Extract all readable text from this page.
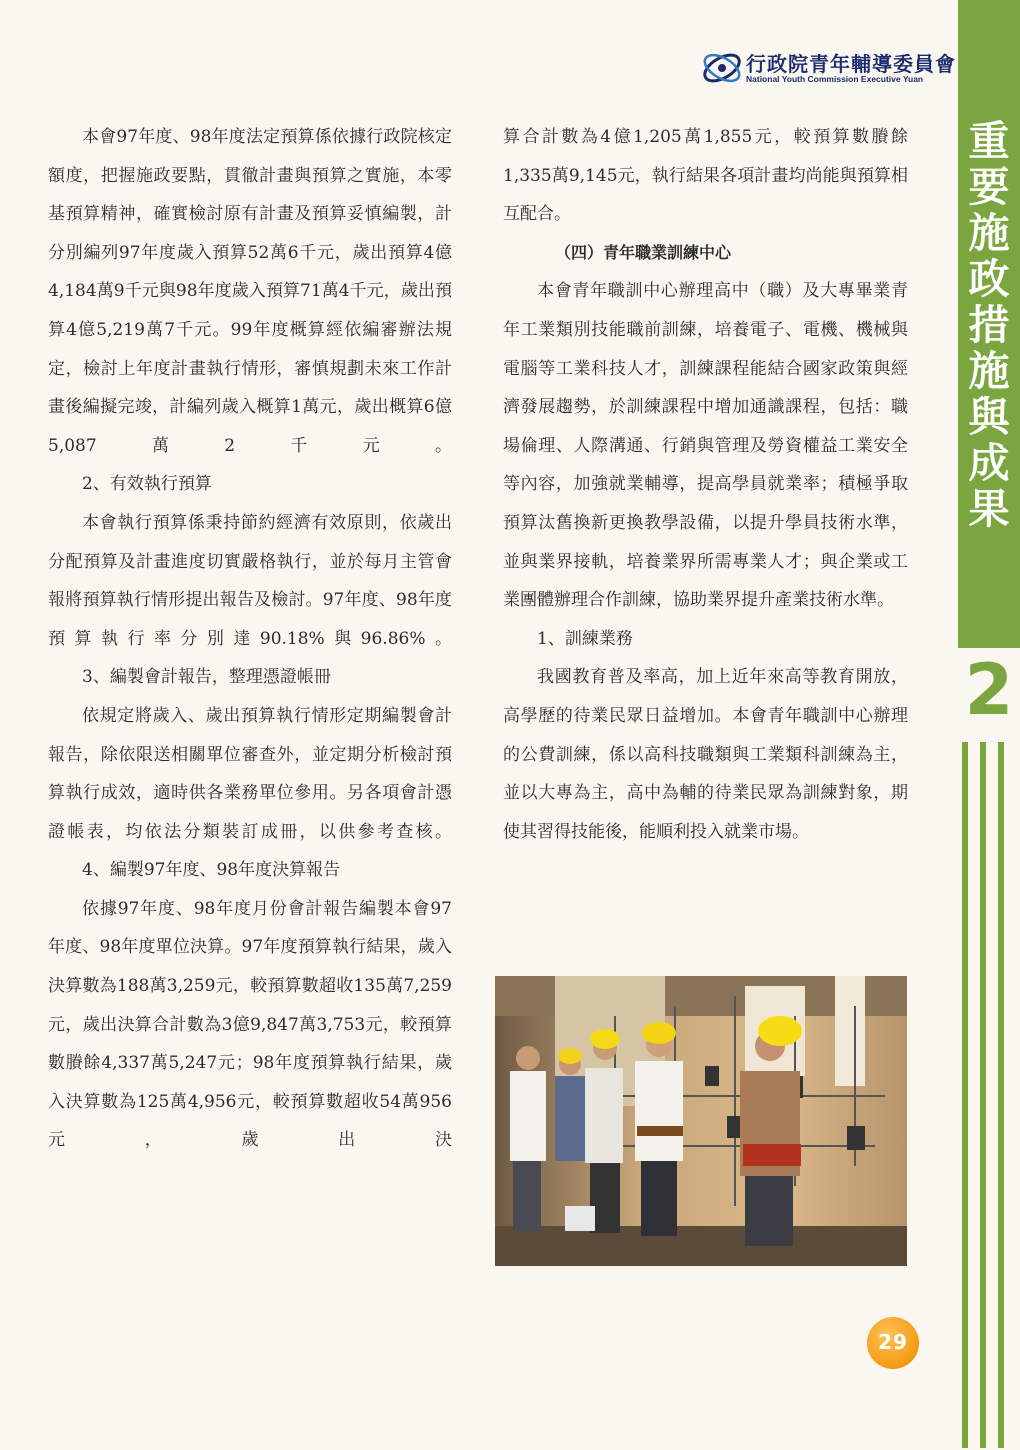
行政院青年輔導委員會
National Youth Commission Executive Yuan
重
要
施
政
措
施
與
成
果
2

本會97年度、98年度法定預算係依據行政院核定額度，把握施政要點，貫徹計畫與預算之實施，本零基預算精神，確實檢討原有計畫及預算妥慎編製，計分別編列97年度歲入預算52萬6千元，歲出預算4億4,184萬9千元與98年度歲入預算71萬4千元，歲出預算4億5,219萬7千元。99年度概算經依編審辦法規定，檢討上年度計畫執行情形，審慎規劃未來工作計畫後編擬完竣，計編列歲入概算1萬元，歲出概算6億5,087萬2千元。

2、有效執行預算

本會執行預算係秉持節約經濟有效原則，依歲出分配預算及計畫進度切實嚴格執行，並於每月主管會報將預算執行情形提出報告及檢討。97年度、98年度預算執行率分別達90.18%與96.86%。

3、編製會計報告，整理憑證帳冊

依規定將歲入、歲出預算執行情形定期編製會計報告，除依限送相關單位審查外，並定期分析檢討預算執行成效，適時供各業務單位參用。另各項會計憑證帳表，均依法分類裝訂成冊，以供參考查核。

4、編製97年度、98年度決算報告

依據97年度、98年度月份會計報告編製本會97年度、98年度單位決算。97年度預算執行結果，歲入決算數為188萬3,259元，較預算數超收135萬7,259元，歲出決算合計數為3億9,847萬3,753元，較預算數賸餘4,337萬5,247元；98年度預算執行結果，歲入決算數為125萬4,956元，較預算數超收54萬956元，歲出決

算合計數為4億1,205萬1,855元，較預算數賸餘1,335萬9,145元，執行結果各項計畫均尚能與預算相互配合。

（四）青年職業訓練中心

本會青年職訓中心辦理高中（職）及大專畢業青年工業類別技能職前訓練，培養電子、電機、機械與電腦等工業科技人才，訓練課程能結合國家政策與經濟發展趨勢，於訓練課程中增加通識課程，包括：職場倫理、人際溝通、行銷與管理及勞資權益工業安全等內容，加強就業輔導，提高學員就業率；積極爭取預算汰舊換新更換教學設備，以提升學員技術水準，並與業界接軌，培養業界所需專業人才；與企業或工業團體辦理合作訓練，協助業界提升產業技術水準。

1、訓練業務

我國教育普及率高，加上近年來高等教育開放，高學歷的待業民眾日益增加。本會青年職訓中心辦理的公費訓練，係以高科技職類與工業類科訓練為主，並以大專為主，高中為輔的待業民眾為訓練對象，期使其習得技能後，能順利投入就業市場。

29
